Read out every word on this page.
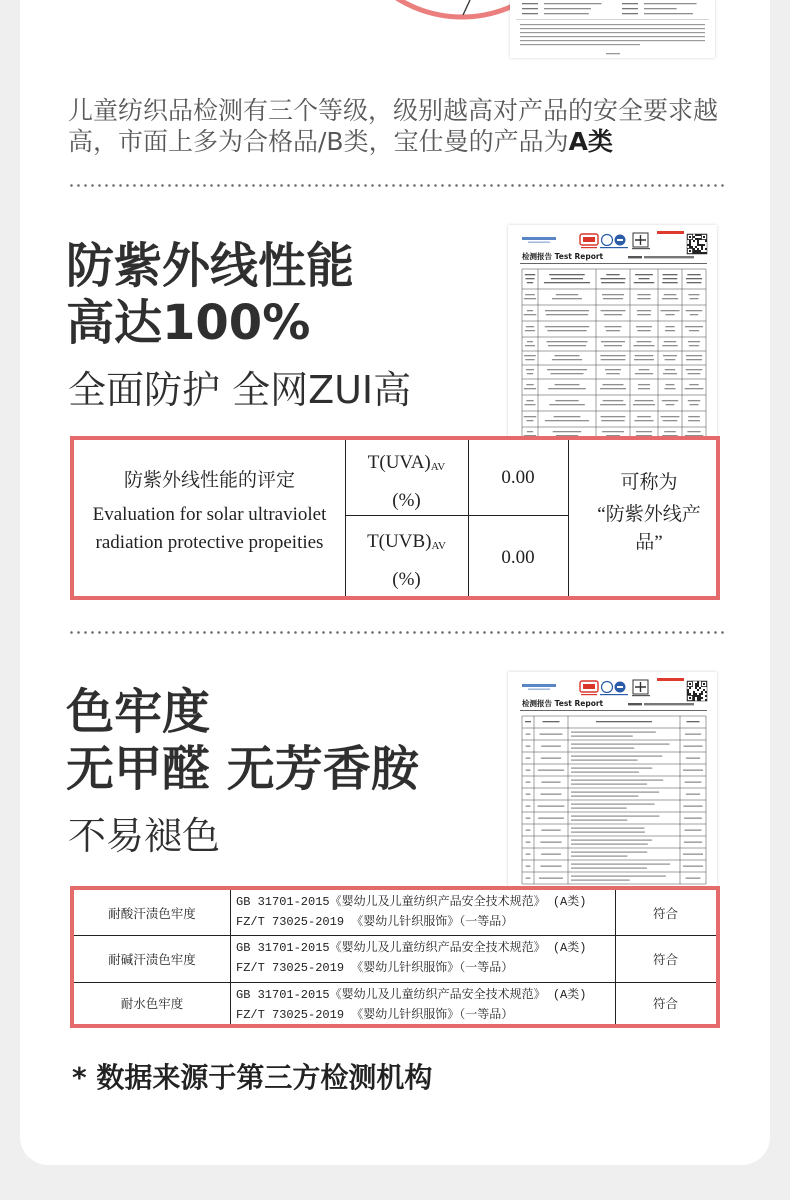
儿童纺织品检测有三个等级，级别越高对产品的安全要求越
高，市面上多为合格品/B类，宝仕曼的产品为A类
防紫外线性能
高达100%
全面防护 全网ZUI高
检测报告 Test Report
防紫外线性能的评定
Evaluation for solar ultraviolet
radiation protective propeities
$T(UVA)_{AV}$
(%)
$T(UVB)_{AV}$
(%)
0.00
0.00
可称为
“防紫外线产
品”
色牢度
无甲醛 无芳香胺
不易褪色
检测报告 Test Report
耐酸汗渍色牢度
GB 31701-2015《婴幼儿及儿童纺织产品安全技术规范》 (A类)
FZ/T 73025-2019 《婴幼儿针织服饰》（一等品）
符合
耐碱汗渍色牢度
GB 31701-2015《婴幼儿及儿童纺织产品安全技术规范》 (A类)
FZ/T 73025-2019 《婴幼儿针织服饰》（一等品）
符合
耐水色牢度
GB 31701-2015《婴幼儿及儿童纺织产品安全技术规范》 (A类)
FZ/T 73025-2019 《婴幼儿针织服饰》（一等品）
符合
* 数据来源于第三方检测机构
